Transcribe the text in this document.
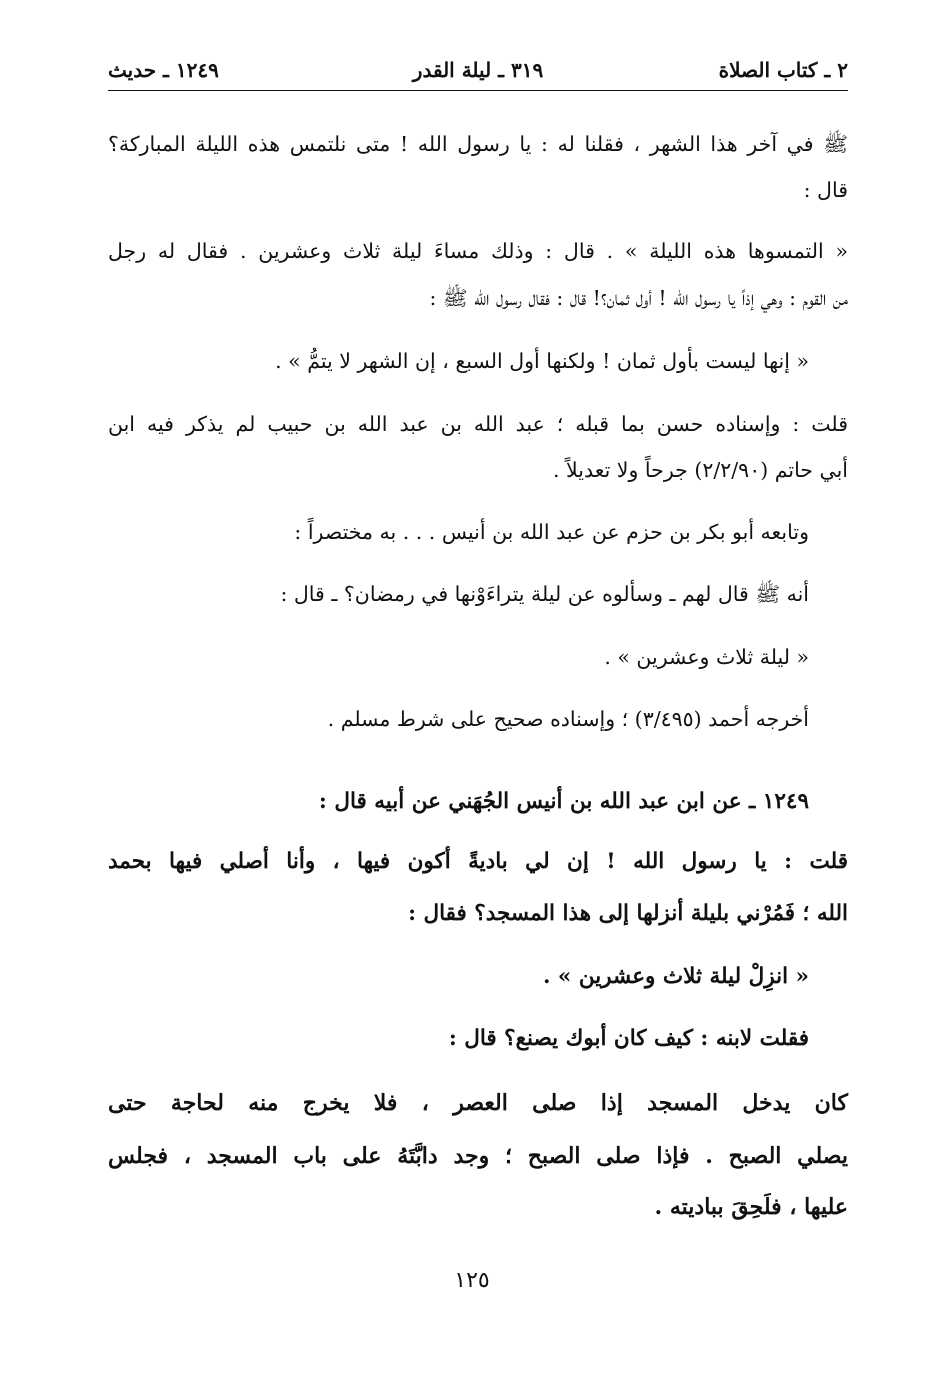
٢ ـ كتاب الصلاة
٣١٩ ـ ليلة القدر
١٢٤٩ ـ حديث
ﷺ في آخر هذا الشهر ، فقلنا له : يا رسول الله ! متى نلتمس هذه الليلة المباركة؟
قال :
« التمسوها هذه الليلة » . قال : وذلك مساءَ ليلة ثلاث وعشرين . فقال له رجل
من القوم : وهي إذاً يا رسول الله ! أول ثمان؟! قال : فقال رسول الله ﷺ :
« إنها ليست بأول ثمان ! ولكنها أول السبع ، إن الشهر لا يتمُّ » .
قلت : وإسناده حسن بما قبله ؛ عبد الله بن عبد الله بن حبيب لم يذكر فيه ابن
أبي حاتم (٢/٢/٩٠) جرحاً ولا تعديلاً .
وتابعه أبو بكر بن حزم عن عبد الله بن أنيس . . . به مختصراً :
أنه ﷺ قال لهم ـ وسألوه عن ليلة يتراءَوْنها في رمضان؟ ـ قال :
« ليلة ثلاث وعشرين » .
أخرجه أحمد (٣/٤٩٥) ؛ وإسناده صحيح على شرط مسلم .
١٢٤٩ ـ عن ابن عبد الله بن أنيس الجُهَني عن أبيه قال :
قلت : يا رسول الله ! إن لي باديةً أكون فيها ، وأنا أصلي فيها بحمد
الله ؛ فَمُرْني بليلة أنزلها إلى هذا المسجد؟ فقال :
« انزِلْ ليلة ثلاث وعشرين » .
فقلت لابنه : كيف كان أبوك يصنع؟ قال :
كان يدخل المسجد إذا صلى العصر ، فلا يخرج منه لحاجة حتى
يصلي الصبح . فإذا صلى الصبح ؛ وجد دابَّتَهُ على باب المسجد ، فجلس
عليها ، فلَحِقَ بباديته .
١٢٥
